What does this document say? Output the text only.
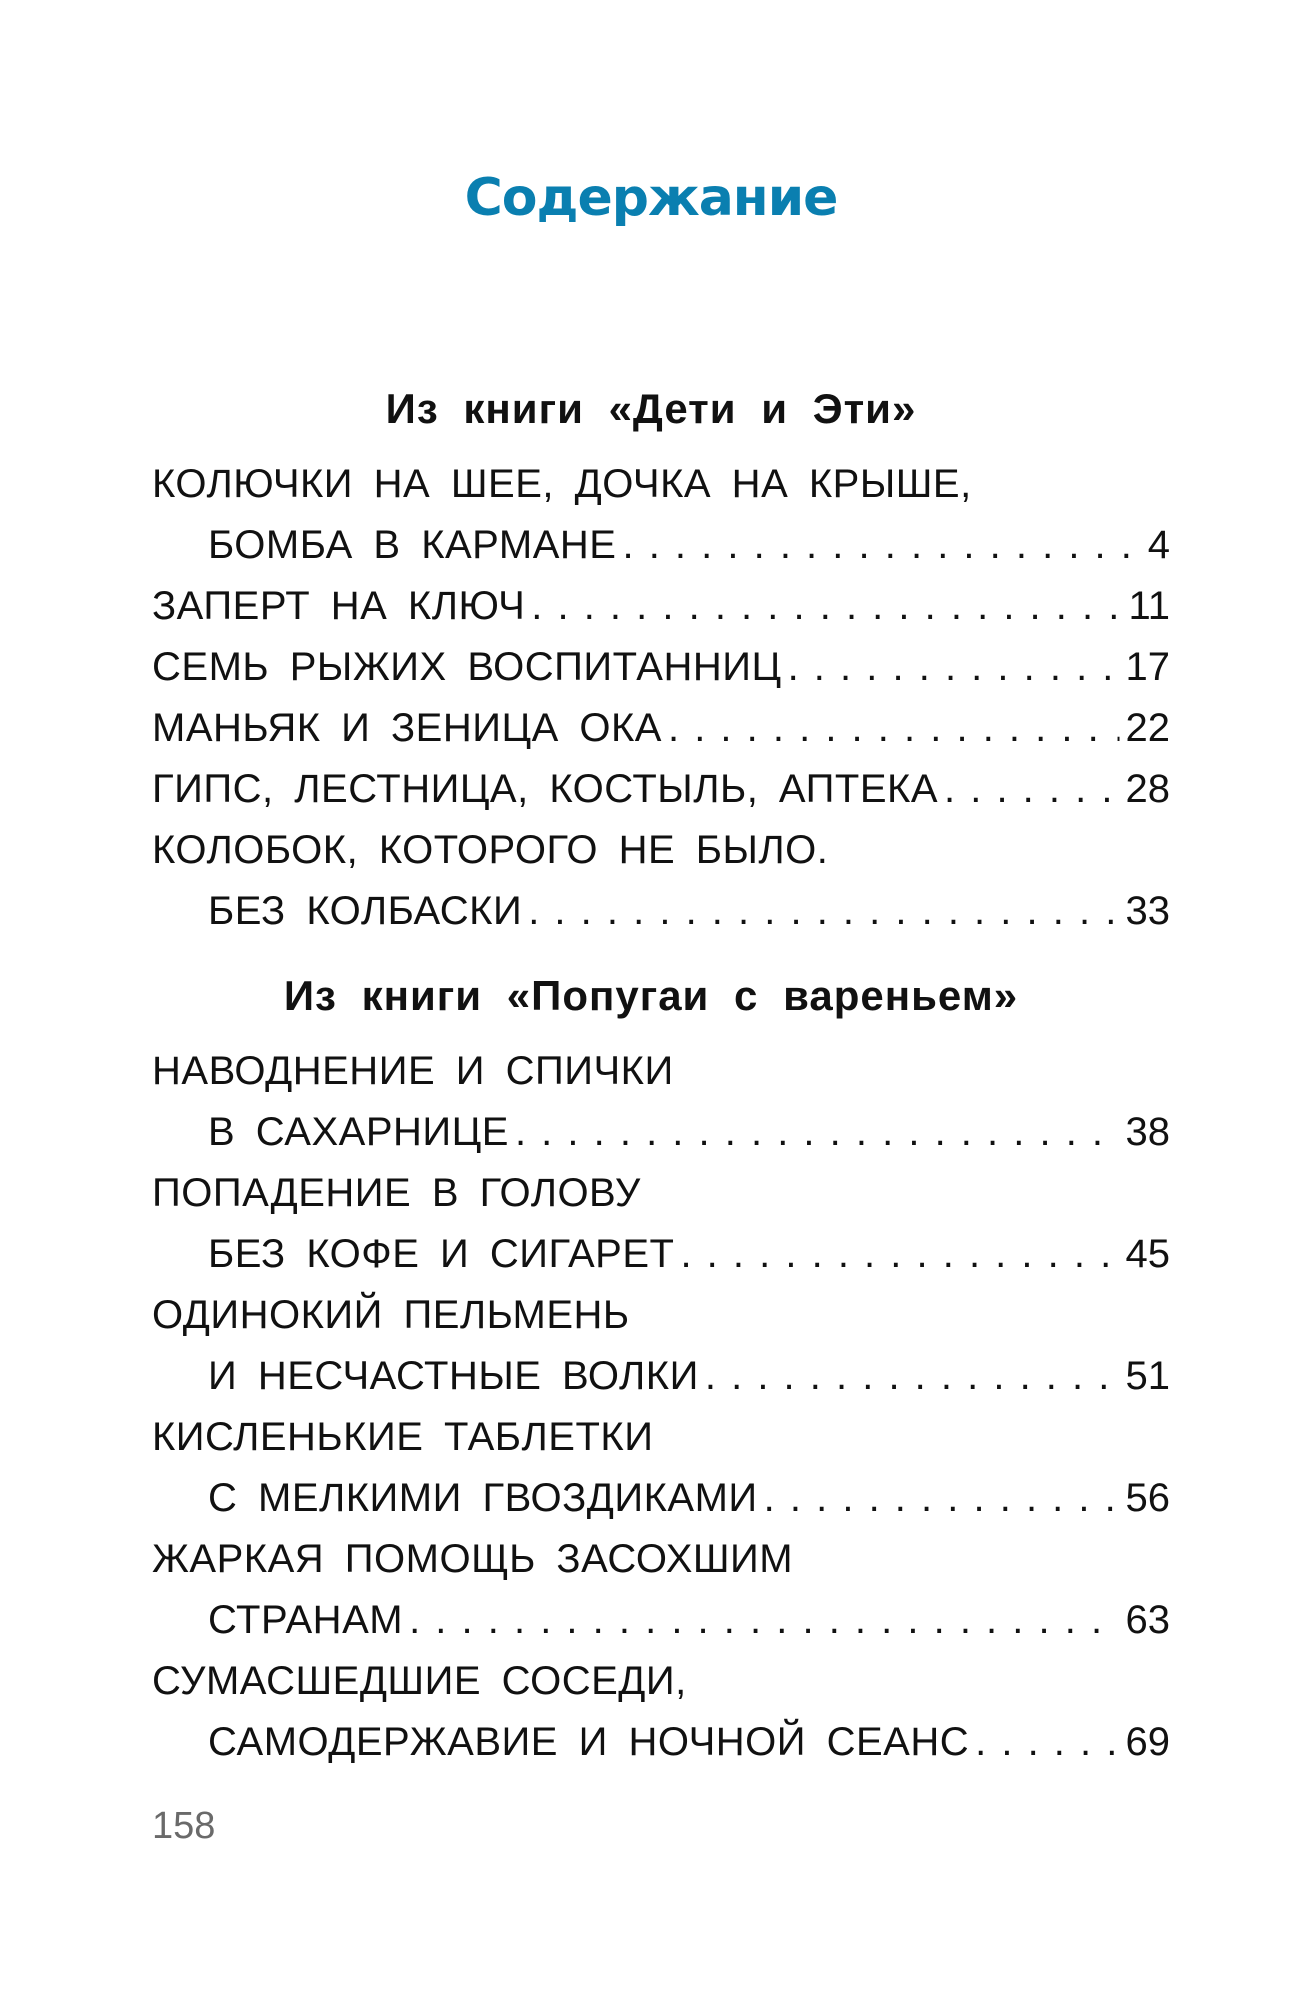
Содержание
Из книги «Дети и Эти»
КОЛЮЧКИ НА ШЕЕ, ДОЧКА НА КРЫШЕ,
БОМБА В КАРМАНЕ . . .	4
ЗАПЕРТ НА КЛЮЧ . . .	11
СЕМЬ РЫЖИХ ВОСПИТАННИЦ . . .	17
МАНЬЯК И ЗЕНИЦА ОКА . . .	22
ГИПС, ЛЕСТНИЦА, КОСТЫЛЬ, АПТЕКА . . .	28
КОЛОБОК, КОТОРОГО НЕ БЫЛО.
БЕЗ КОЛБАСКИ . . .	33
Из книги «Попугаи с вареньем»
НАВОДНЕНИЕ И СПИЧКИ
В САХАРНИЦЕ . . .	38
ПОПАДЕНИЕ В ГОЛОВУ
БЕЗ КОФЕ И СИГАРЕТ . . .	45
ОДИНОКИЙ ПЕЛЬМЕНЬ
И НЕСЧАСТНЫЕ ВОЛКИ . . .	51
КИСЛЕНЬКИЕ ТАБЛЕТКИ
С МЕЛКИМИ ГВОЗДИКАМИ . . .	56
ЖАРКАЯ ПОМОЩЬ ЗАСОХШИМ
СТРАНАМ . . .	63
СУМАСШЕДШИЕ СОСЕДИ,
САМОДЕРЖАВИЕ И НОЧНОЙ СЕАНС . . .	69
158
